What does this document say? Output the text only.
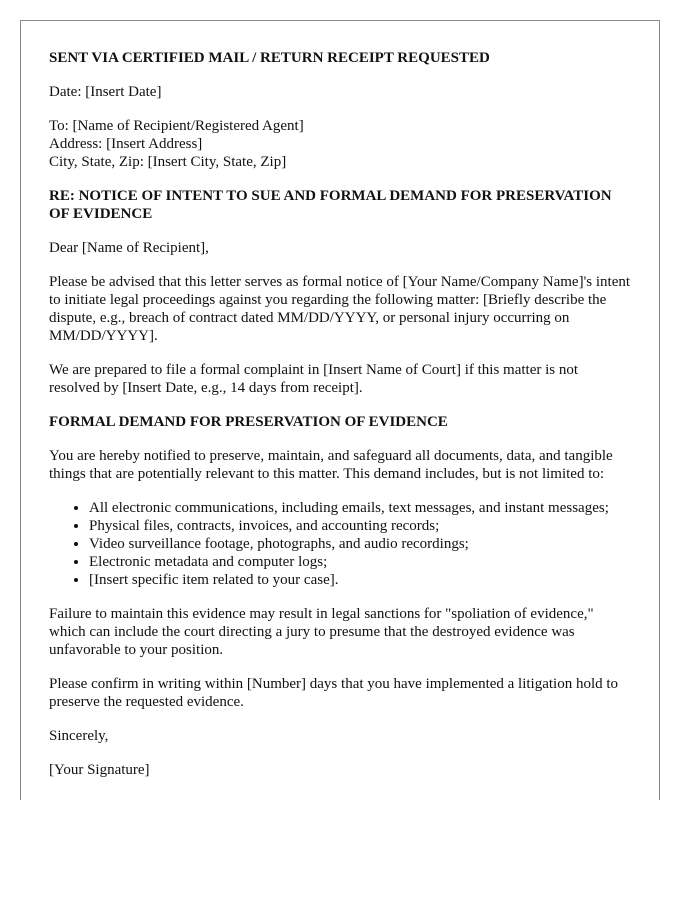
SENT VIA CERTIFIED MAIL / RETURN RECEIPT REQUESTED

Date: [Insert Date]

To: [Name of Recipient/Registered Agent]
Address: [Insert Address]
City, State, Zip: [Insert City, State, Zip]

RE: NOTICE OF INTENT TO SUE AND FORMAL DEMAND FOR PRESERVATION OF EVIDENCE

Dear [Name of Recipient],

Please be advised that this letter serves as formal notice of [Your Name/Company Name]'s intent to initiate legal proceedings against you regarding the following matter: [Briefly describe the dispute, e.g., breach of contract dated MM/DD/YYYY, or personal injury occurring on MM/DD/YYYY].

We are prepared to file a formal complaint in [Insert Name of Court] if this matter is not resolved by [Insert Date, e.g., 14 days from receipt].

FORMAL DEMAND FOR PRESERVATION OF EVIDENCE

You are hereby notified to preserve, maintain, and safeguard all documents, data, and tangible things that are potentially relevant to this matter. This demand includes, but is not limited to:

• All electronic communications, including emails, text messages, and instant messages;
• Physical files, contracts, invoices, and accounting records;
• Video surveillance footage, photographs, and audio recordings;
• Electronic metadata and computer logs;
• [Insert specific item related to your case].

Failure to maintain this evidence may result in legal sanctions for "spoliation of evidence," which can include the court directing a jury to presume that the destroyed evidence was unfavorable to your position.

Please confirm in writing within [Number] days that you have implemented a litigation hold to preserve the requested evidence.

Sincerely,

[Your Signature]
